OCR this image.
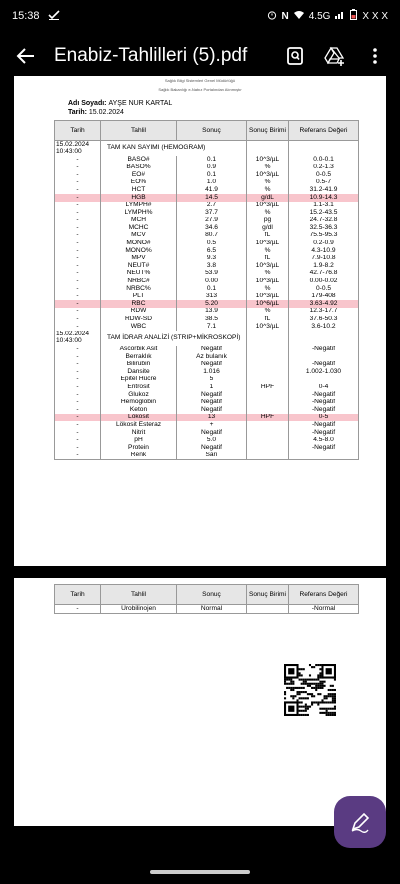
15:38	N 4.5G	X X X
Enabiz-Tahlilleri (5).pdf
Sağlık Bilgi Sistemleri Genel Müdürlüğü
Sağlık Bakanlığı e-Nabız Portalından Alınmıştır
Adı Soyadı: AYŞE NUR KARTAL
Tarih: 15.02.2024
Tarih	Tahlil	Sonuç	Sonuç Birimi	Referans Değeri
15.02.2024 10:43:00	TAM KAN SAYIMI (HEMOGRAM)			
-	BASO#	0.1	10^3/µL	0.0-0.1
-	BASO%	0.9	%	0.2-1.3
-	EO#	0.1	10^3/µL	0-0.5
-	EO%	1.0	%	0.5-7
-	HCT	41.9	%	31.2-41.9
-	HGB	14.5	g/dL	10.9-14.3
-	LYMPH#	2.7	10^3/µL	1.1-3.1
-	LYMPH%	37.7	%	15.2-43.5
-	MCH	27.9	pg	24.7-32.8
-	MCHC	34.6	g/dl	32.5-36.3
-	MCV	80.7	fL	75.5-95.3
-	MONO#	0.5	10^3/µL	0.2-0.9
-	MONO%	6.5	%	4.3-10.9
-	MPV	9.3	fL	7.9-10.8
-	NEUT#	3.8	10^3/µL	1.9-8.2
-	NEUT%	53.9	%	42.7-76.8
-	NRBC#	0.00	10^3/µL	0.00-0.02
-	NRBC%	0.1	%	0-0.5
-	PLT	313	10^3/µL	179-408
-	RBC	5.20	10^6/µL	3.63-4.92
-	RDW	13.9	%	12.3-17.7
-	RDW-SD	38.5	fL	37.6-50.3
-	WBC	7.1	10^3/µL	3.6-10.2
15.02.2024 10:43:00	TAM İDRAR ANALİZİ (STRIP+MİKROSKOPİ)			
-	Ascorbik Asit	Negatif		-Negatif
-	Berraklık	Az bulanık		
-	Bilirubin	Negatif		-Negatif
-	Dansite	1.016		1.002-1.030
-	Epitel Hücre	5		
-	Eritrosit	1	HPF	0-4
-	Glukoz	Negatif		-Negatif
-	Hemoglobin	Negatif		-Negatif
-	Keton	Negatif		-Negatif
-	Lökosit	13	HPF	0-5
-	Lökosit Esteraz	+		-Negatif
-	Nitrit	Negatif		-Negatif
-	pH	5.0		4.5-8.0
-	Protein	Negatif		-Negatif
-	Renk	Sarı		
Tarih	Tahlil	Sonuç	Sonuç Birimi	Referans Değeri
-	Ürobilinojen	Normal		-Normal
